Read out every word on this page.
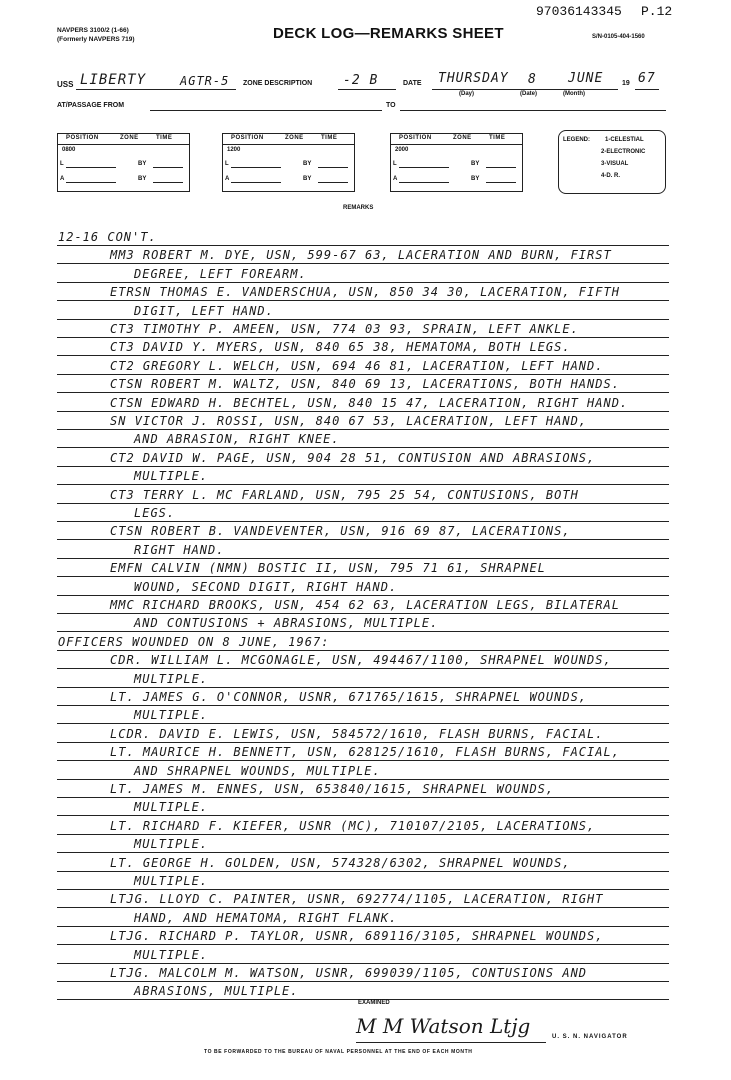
97036143345 P.12
NAVPERS 3100/2 (1-66)
(Formerly NAVPERS 719)	DECK LOG—REMARKS SHEET	S/N-0105-404-1560
USS LIBERTY	AGTR-5 ZONE DESCRIPTION -2 B	DATE THURSDAY 8 JUNE	19 67
(Day)	(Date)	(Month)
AT/PASSAGE FROM	TO
POSITION	ZONE	TIME
0800
L	BY
A	BY
POSITION	ZONE	TIME
1200
L	BY
A	BY
POSITION	ZONE	TIME
2000
L	BY
A	BY
LEGEND:	1-CELESTIAL
2-ELECTRONIC
3-VISUAL
4-D. R.
REMARKS
12-16 CON'T.
MM3 ROBERT M. DYE, USN, 599-67 63, LACERATION AND BURN, FIRST
DEGREE, LEFT FOREARM.
ETRSN THOMAS E. VANDERSCHUA, USN, 850 34 30, LACERATION, FIFTH
DIGIT, LEFT HAND.
CT3 TIMOTHY P. AMEEN, USN, 774 03 93, SPRAIN, LEFT ANKLE.
CT3 DAVID Y. MYERS, USN, 840 65 38, HEMATOMA, BOTH LEGS.
CT2 GREGORY L. WELCH, USN, 694 46 81, LACERATION, LEFT HAND.
CTSN ROBERT M. WALTZ, USN, 840 69 13, LACERATIONS, BOTH HANDS.
CTSN EDWARD H. BECHTEL, USN, 840 15 47, LACERATION, RIGHT HAND.
SN VICTOR J. ROSSI, USN, 840 67 53, LACERATION, LEFT HAND,
AND ABRASION, RIGHT KNEE.
CT2 DAVID W. PAGE, USN, 904 28 51, CONTUSION AND ABRASIONS,
MULTIPLE.
CT3 TERRY L. MC FARLAND, USN, 795 25 54, CONTUSIONS, BOTH
LEGS.
CTSN ROBERT B. VANDEVENTER, USN, 916 69 87, LACERATIONS,
RIGHT HAND.
EMFN CALVIN (NMN) BOSTIC II, USN, 795 71 61, SHRAPNEL
WOUND, SECOND DIGIT, RIGHT HAND.
MMC RICHARD BROOKS, USN, 454 62 63, LACERATION LEGS, BILATERAL
AND CONTUSIONS + ABRASIONS, MULTIPLE.
OFFICERS WOUNDED ON 8 JUNE, 1967:
CDR. WILLIAM L. MCGONAGLE, USN, 494467/1100, SHRAPNEL WOUNDS,
MULTIPLE.
LT. JAMES G. O'CONNOR, USNR, 671765/1615, SHRAPNEL WOUNDS,
MULTIPLE.
LCDR. DAVID E. LEWIS, USN, 584572/1610, FLASH BURNS, FACIAL.
LT. MAURICE H. BENNETT, USN, 628125/1610, FLASH BURNS, FACIAL,
AND SHRAPNEL WOUNDS, MULTIPLE.
LT. JAMES M. ENNES, USN, 653840/1615, SHRAPNEL WOUNDS,
MULTIPLE.
LT. RICHARD F. KIEFER, USNR (MC), 710107/2105, LACERATIONS,
MULTIPLE.
LT. GEORGE H. GOLDEN, USN, 574328/6302, SHRAPNEL WOUNDS,
MULTIPLE.
LTJG. LLOYD C. PAINTER, USNR, 692774/1105, LACERATION, RIGHT
HAND, AND HEMATOMA, RIGHT FLANK.
LTJG. RICHARD P. TAYLOR, USNR, 689116/3105, SHRAPNEL WOUNDS,
MULTIPLE.
LTJG. MALCOLM M. WATSON, USNR, 699039/1105, CONTUSIONS AND
ABRASIONS, MULTIPLE.
EXAMINED
M M Watson Ltjg	U. S. N. NAVIGATOR
TO BE FORWARDED TO THE BUREAU OF NAVAL PERSONNEL AT THE END OF EACH MONTH
